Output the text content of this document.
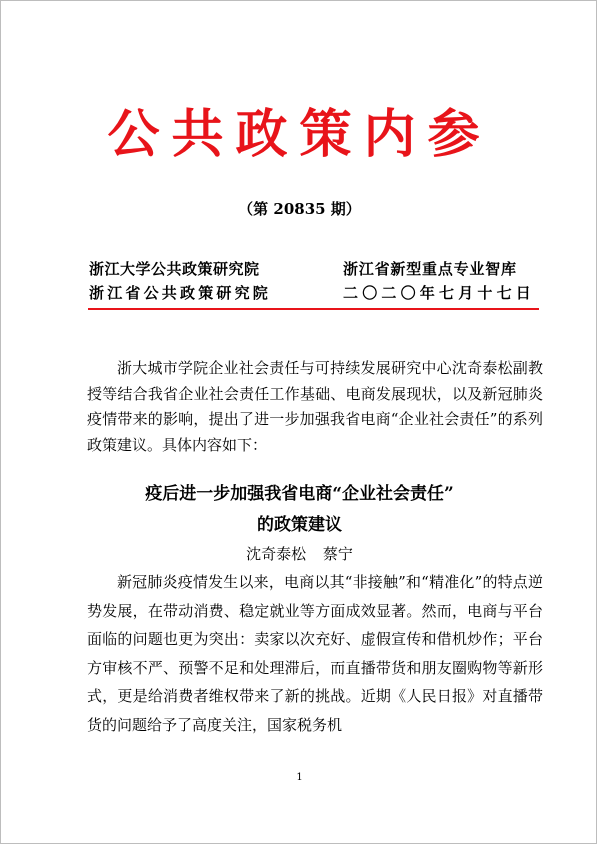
公共政策内参
（第 20835 期）
浙江大学公共政策研究院
浙江省公共政策研究院
浙江省新型重点专业智库
二〇二〇年七月十七日

浙大城市学院企业社会责任与可持续发展研究中心沈奇泰松副教授等结合我省企业社会责任工作基础、电商发展现状，以及新冠肺炎疫情带来的影响，提出了进一步加强我省电商“企业社会责任”的系列政策建议。具体内容如下：

疫后进一步加强我省电商“企业社会责任”
的政策建议
沈奇泰松 蔡宁

新冠肺炎疫情发生以来，电商以其“非接触”和“精准化”的特点逆势发展，在带动消费、稳定就业等方面成效显著。然而，电商与平台面临的问题也更为突出：卖家以次充好、虚假宣传和借机炒作；平台方审核不严、预警不足和处理滞后，而直播带货和朋友圈购物等新形式，更是给消费者维权带来了新的挑战。近期《人民日报》对直播带货的问题给予了高度关注，国家税务机

1
